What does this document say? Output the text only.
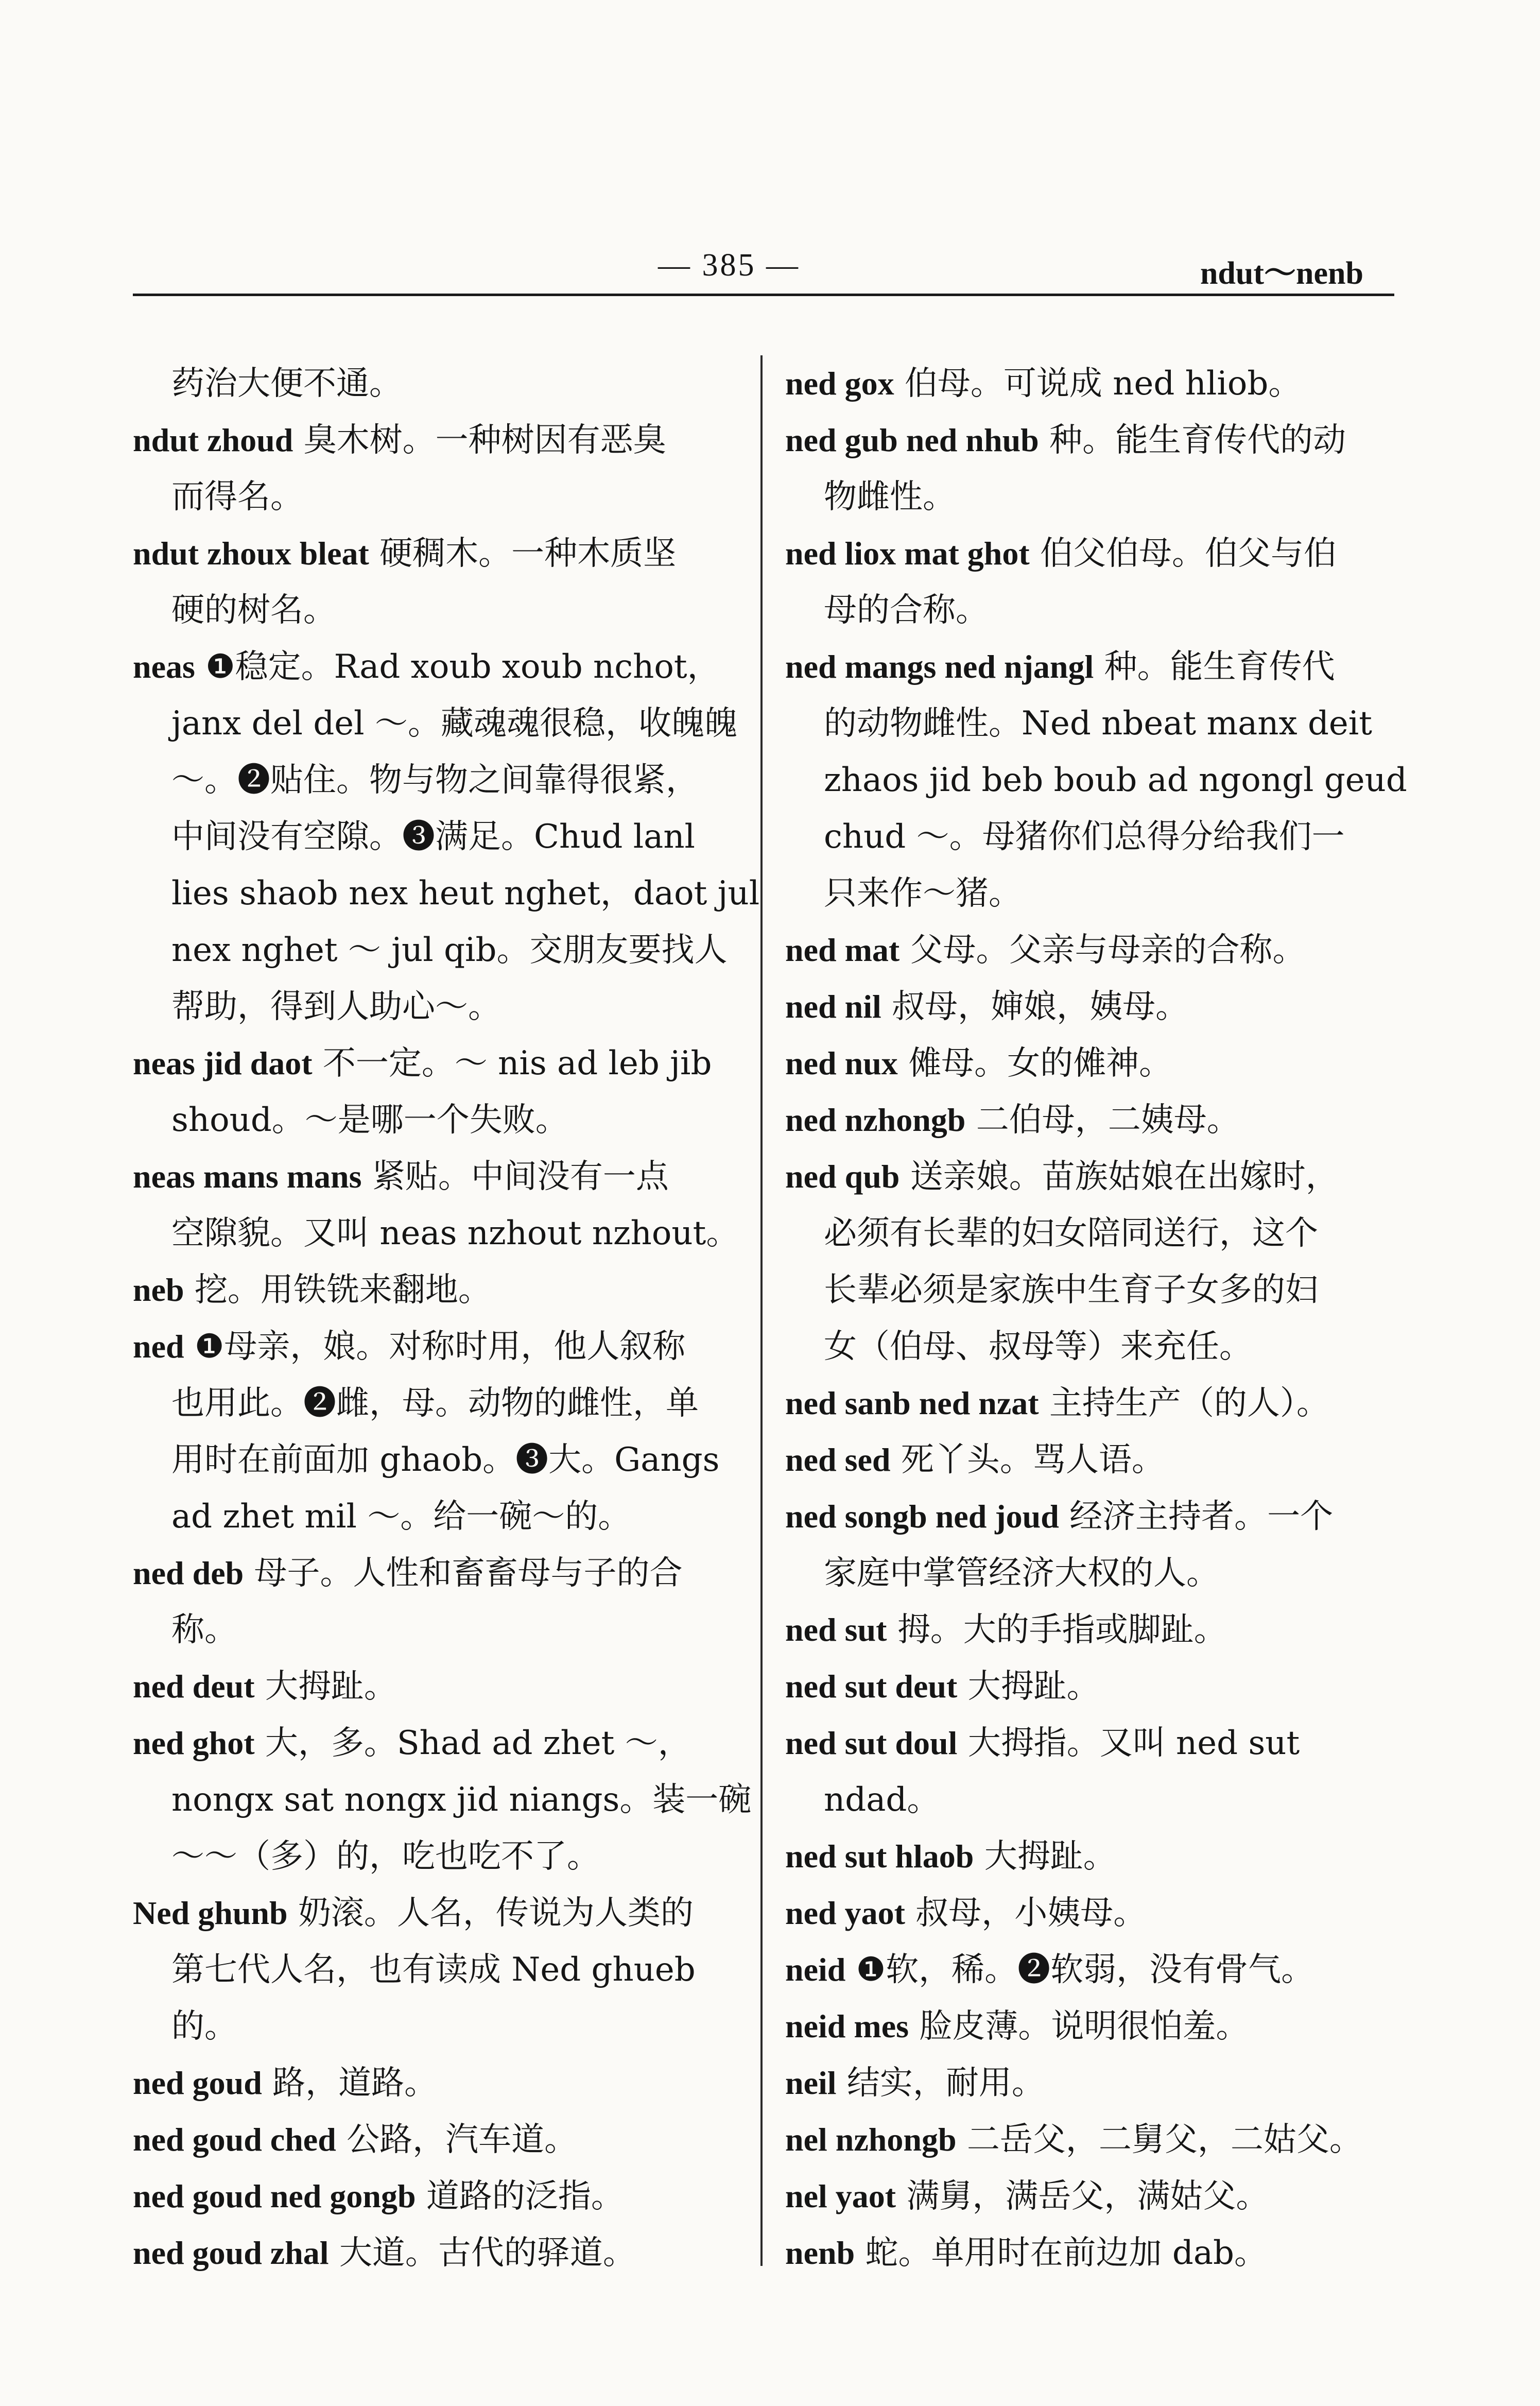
— 385 —	ndut～nenb
药治大便不通。
ndut zhoud 臭木树。一种树因有恶臭
而得名。
ndut zhoux bleat 硬稠木。一种木质坚
硬的树名。
neas ❶稳定。Rad xoub xoub nchot，
janx del del ～。藏魂魂很稳，收魄魄
～。❷贴住。物与物之间靠得很紧，
中间没有空隙。❸满足。Chud lanl
lies shaob nex heut nghet，daot jul
nex nghet ～ jul qib。交朋友要找人
帮助，得到人助心～。
neas jid daot 不一定。～ nis ad leb jib
shoud。～是哪一个失败。
neas mans mans 紧贴。中间没有一点
空隙貌。又叫 neas nzhout nzhout。
neb 挖。用铁铣来翻地。
ned ❶母亲，娘。对称时用，他人叙称
也用此。❷雌，母。动物的雌性，单
用时在前面加 ghaob。❸大。Gangs
ad zhet mil ～。给一碗～的。
ned deb 母子。人性和畜畜母与子的合
称。
ned deut 大拇趾。
ned ghot 大，多。Shad ad zhet ～，
nongx sat nongx jid niangs。装一碗
～～（多）的，吃也吃不了。
Ned ghunb 奶滚。人名，传说为人类的
第七代人名，也有读成 Ned ghueb
的。
ned goud 路，道路。
ned goud ched 公路，汽车道。
ned goud ned gongb 道路的泛指。
ned goud zhal 大道。古代的驿道。
ned gox 伯母。可说成 ned hliob。
ned gub ned nhub 种。能生育传代的动
物雌性。
ned liox mat ghot 伯父伯母。伯父与伯
母的合称。
ned mangs ned njangl 种。能生育传代
的动物雌性。Ned nbeat manx deit
zhaos jid beb boub ad ngongl geud
chud ～。母猪你们总得分给我们一
只来作～猪。
ned mat 父母。父亲与母亲的合称。
ned nil 叔母，婶娘，姨母。
ned nux 傩母。女的傩神。
ned nzhongb 二伯母，二姨母。
ned qub 送亲娘。苗族姑娘在出嫁时，
必须有长辈的妇女陪同送行，这个
长辈必须是家族中生育子女多的妇
女（伯母、叔母等）来充任。
ned sanb ned nzat 主持生产（的人）。
ned sed 死丫头。骂人语。
ned songb ned joud 经济主持者。一个
家庭中掌管经济大权的人。
ned sut 拇。大的手指或脚趾。
ned sut deut 大拇趾。
ned sut doul 大拇指。又叫 ned sut
ndad。
ned sut hlaob 大拇趾。
ned yaot 叔母，小姨母。
neid ❶软，稀。❷软弱，没有骨气。
neid mes 脸皮薄。说明很怕羞。
neil 结实，耐用。
nel nzhongb 二岳父，二舅父，二姑父。
nel yaot 满舅，满岳父，满姑父。
nenb 蛇。单用时在前边加 dab。
